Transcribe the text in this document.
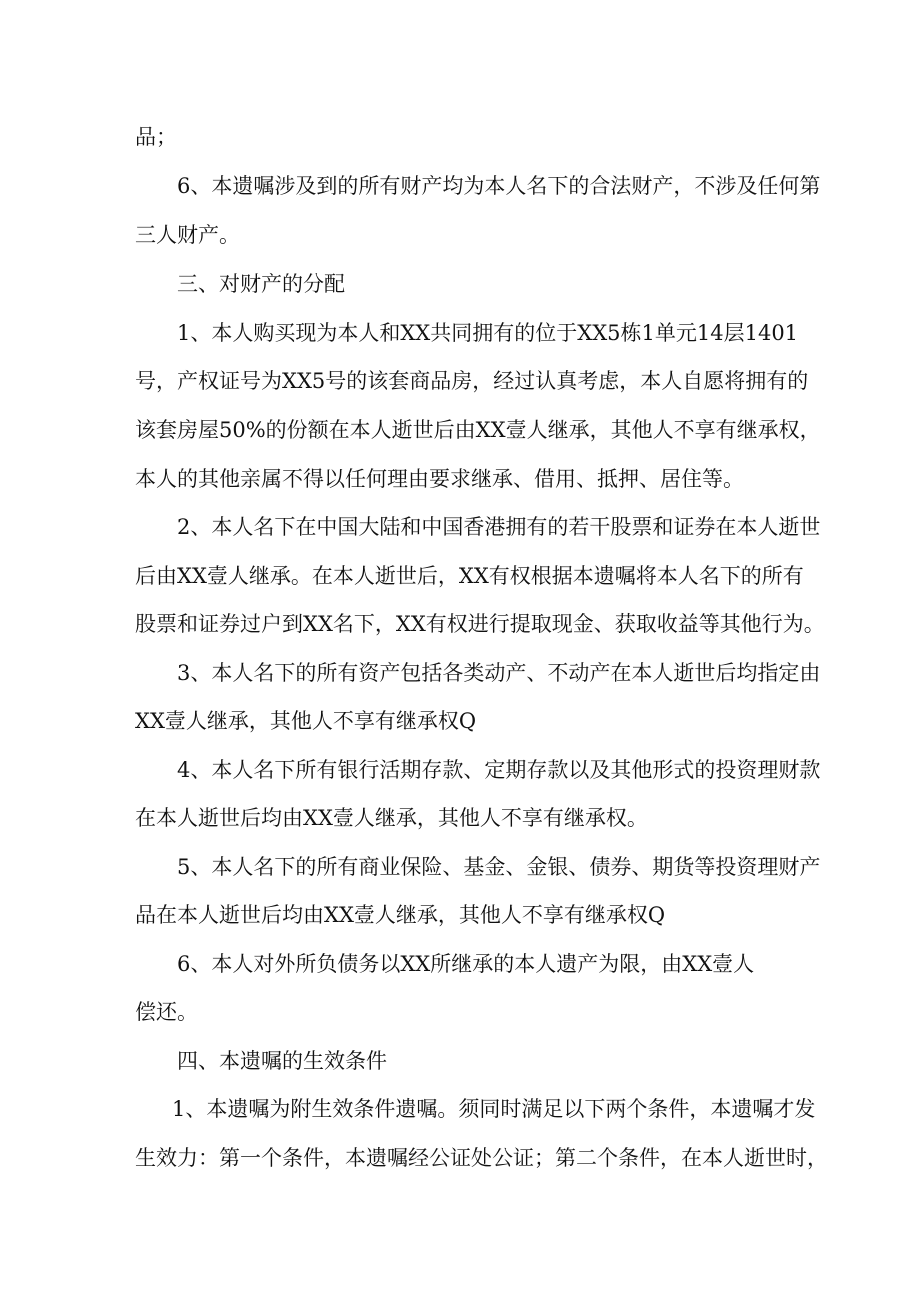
品；
6、本遗嘱涉及到的所有财产均为本人名下的合法财产，不涉及任何第
三人财产。
三、对财产的分配
1、本人购买现为本人和XX共同拥有的位于XX5栋1单元14层1401
号，产权证号为XX5号的该套商品房，经过认真考虑，本人自愿将拥有的
该套房屋50%的份额在本人逝世后由XX壹人继承，其他人不享有继承权，
本人的其他亲属不得以任何理由要求继承、借用、抵押、居住等。
2、本人名下在中国大陆和中国香港拥有的若干股票和证券在本人逝世
后由XX壹人继承。在本人逝世后，XX有权根据本遗嘱将本人名下的所有
股票和证券过户到XX名下，XX有权进行提取现金、获取收益等其他行为。
3、本人名下的所有资产包括各类动产、不动产在本人逝世后均指定由
XX壹人继承，其他人不享有继承权Q
4、本人名下所有银行活期存款、定期存款以及其他形式的投资理财款
在本人逝世后均由XX壹人继承，其他人不享有继承权。
5、本人名下的所有商业保险、基金、金银、债券、期货等投资理财产
品在本人逝世后均由XX壹人继承，其他人不享有继承权Q
6、本人对外所负债务以XX所继承的本人遗产为限，由XX壹人
偿还。
四、本遗嘱的生效条件
1、本遗嘱为附生效条件遗嘱。须同时满足以下两个条件，本遗嘱才发
生效力：第一个条件，本遗嘱经公证处公证；第二个条件，在本人逝世时，
